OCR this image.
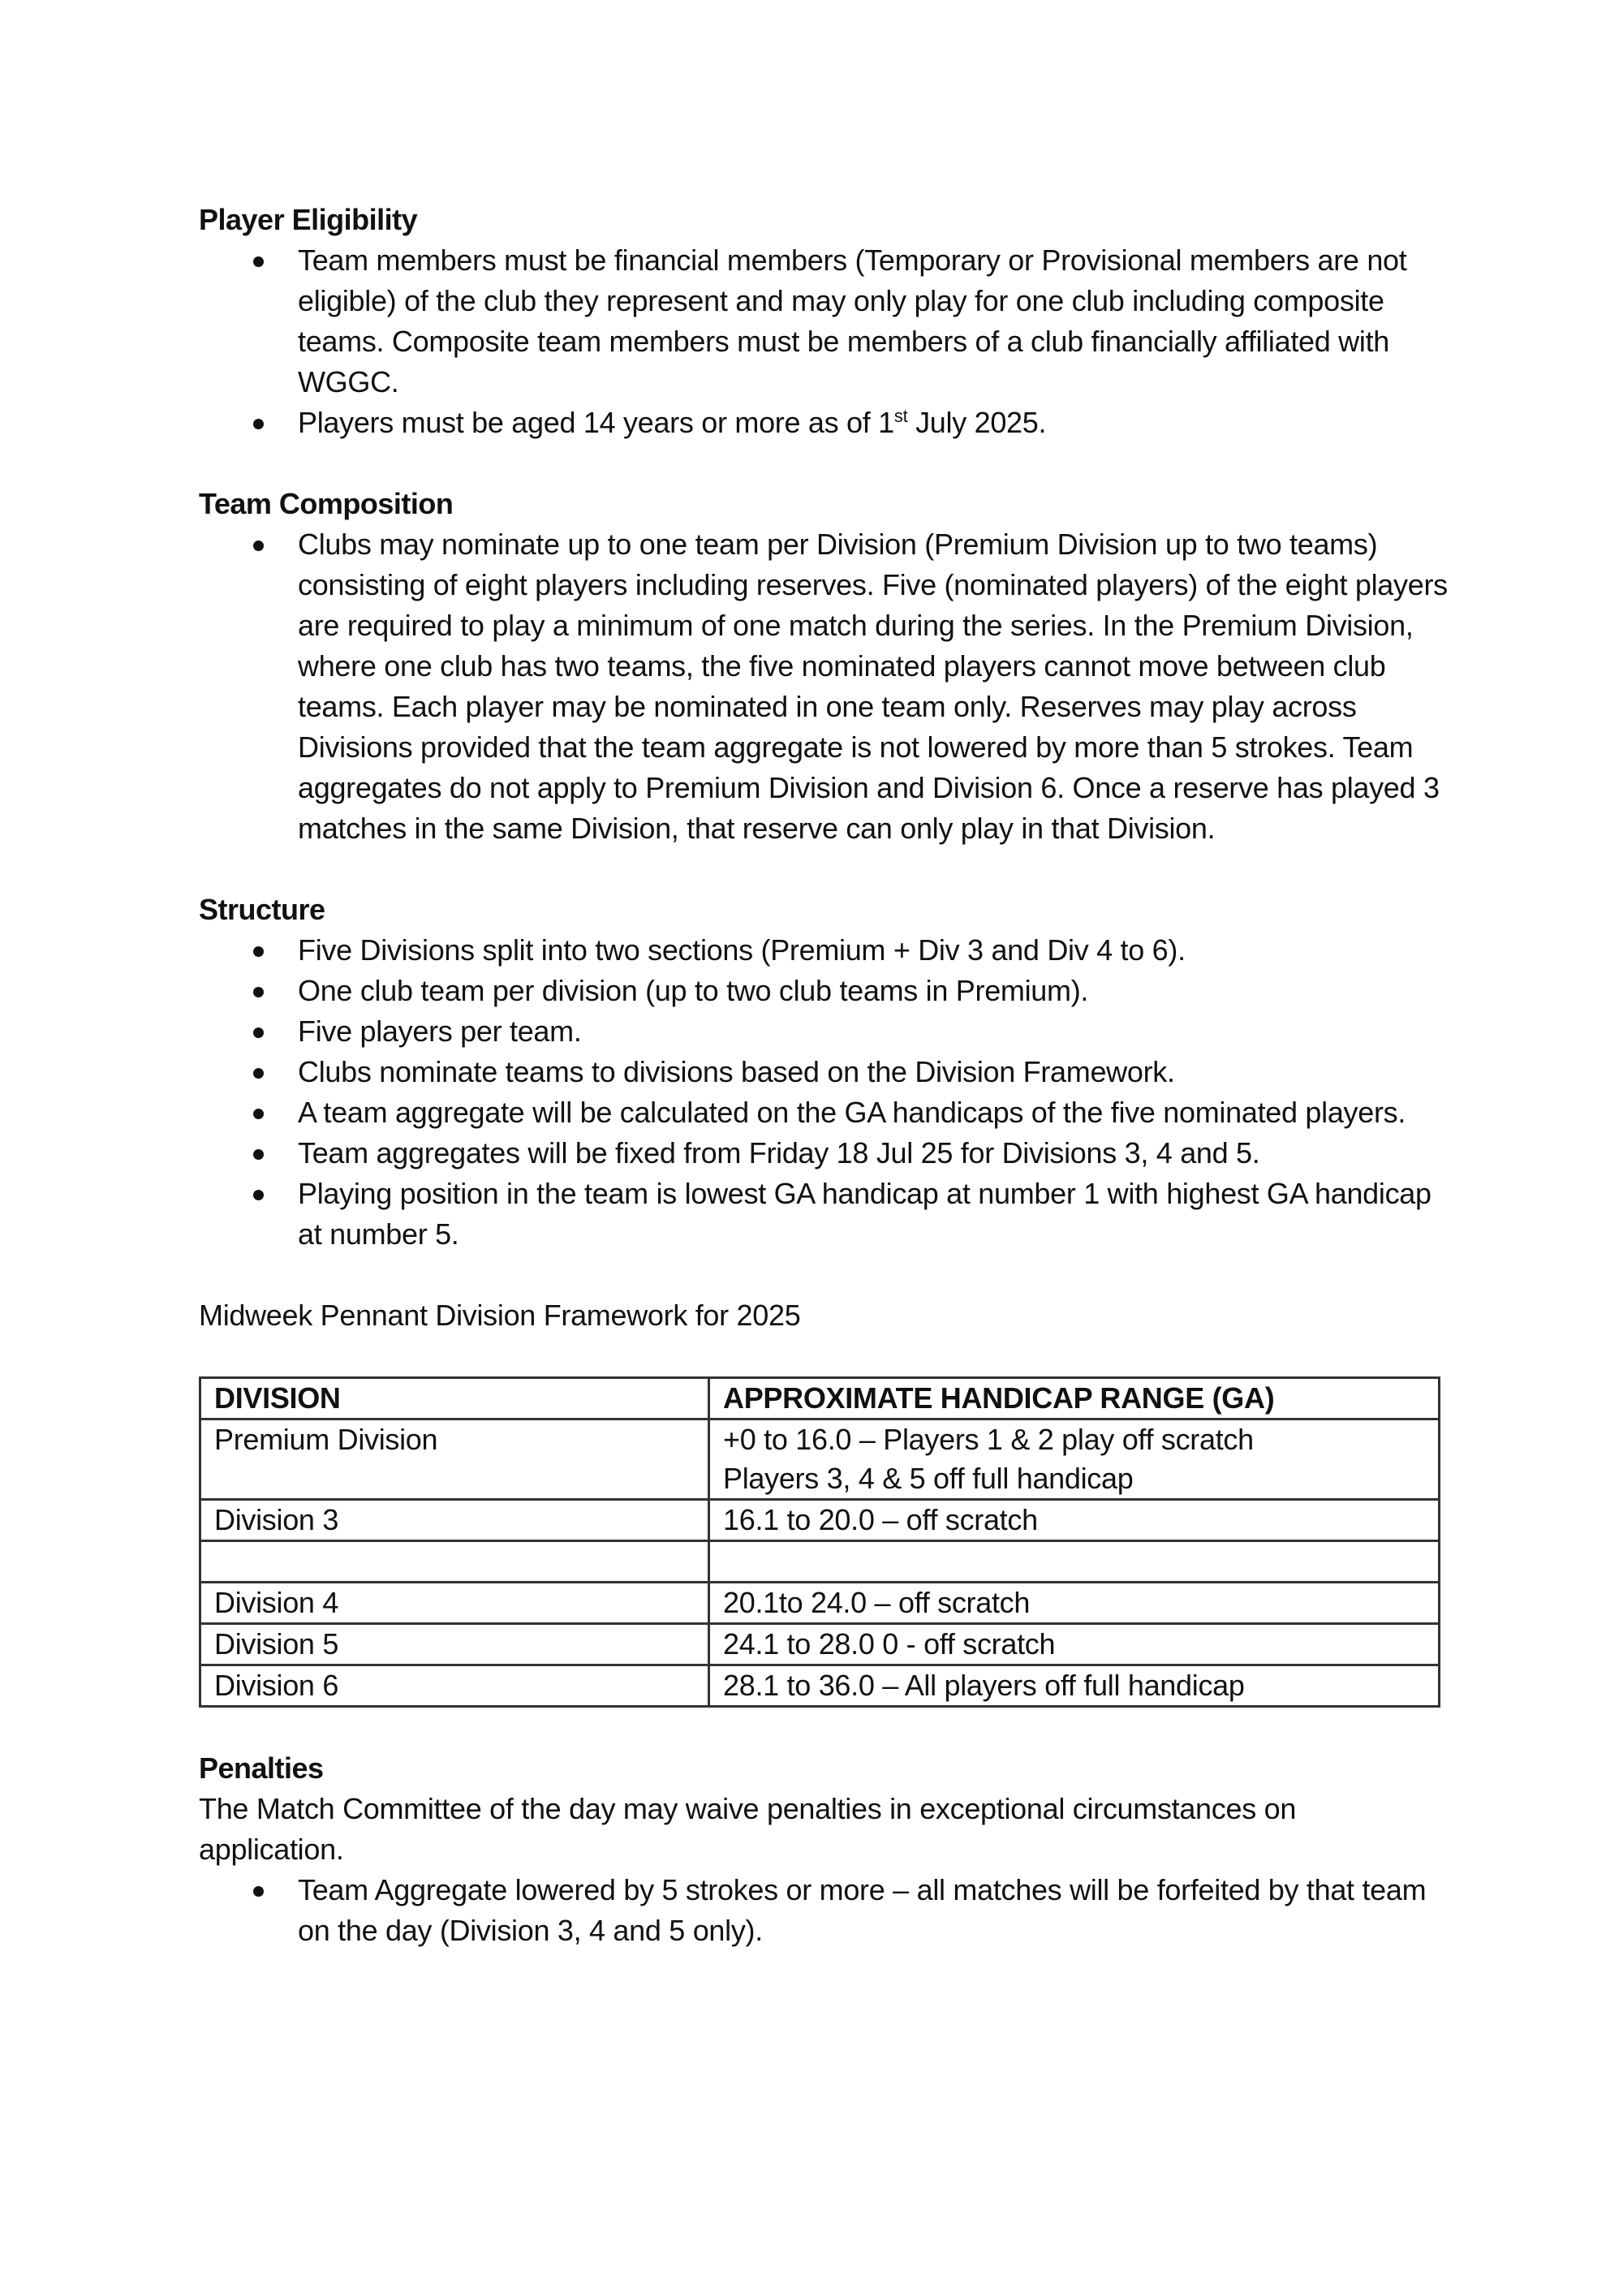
Player Eligibility

Team members must be financial members (Temporary or Provisional members are not eligible) of the club they represent and may only play for one club including composite teams. Composite team members must be members of a club financially affiliated with WGGC.
Players must be aged 14 years or more as of 1st July 2025.

Team Composition

Clubs may nominate up to one team per Division (Premium Division up to two teams) consisting of eight players including reserves. Five (nominated players) of the eight players are required to play a minimum of one match during the series. In the Premium Division, where one club has two teams, the five nominated players cannot move between club teams. Each player may be nominated in one team only. Reserves may play across Divisions provided that the team aggregate is not lowered by more than 5 strokes. Team aggregates do not apply to Premium Division and Division 6. Once a reserve has played 3 matches in the same Division, that reserve can only play in that Division.

Structure

Five Divisions split into two sections (Premium + Div 3 and Div 4 to 6).
One club team per division (up to two club teams in Premium).
Five players per team.
Clubs nominate teams to divisions based on the Division Framework.
A team aggregate will be calculated on the GA handicaps of the five nominated players.
Team aggregates will be fixed from Friday 18 Jul 25 for Divisions 3, 4 and 5.
Playing position in the team is lowest GA handicap at number 1 with highest GA handicap at number 5.

Midweek Pennant Division Framework for 2025

DIVISION	APPROXIMATE HANDICAP RANGE (GA)
Premium Division	+0 to 16.0 – Players 1 & 2 play off scratch
Players 3, 4 & 5 off full handicap

Division 3	16.1 to 20.0 – off scratch

Division 4	20.1to 24.0 – off scratch
Division 5	24.1 to 28.0 0 - off scratch
Division 6	28.1 to 36.0 – All players off full handicap

Penalties

The Match Committee of the day may waive penalties in exceptional circumstances on application.

Team Aggregate lowered by 5 strokes or more – all matches will be forfeited by that team on the day (Division 3, 4 and 5 only).
